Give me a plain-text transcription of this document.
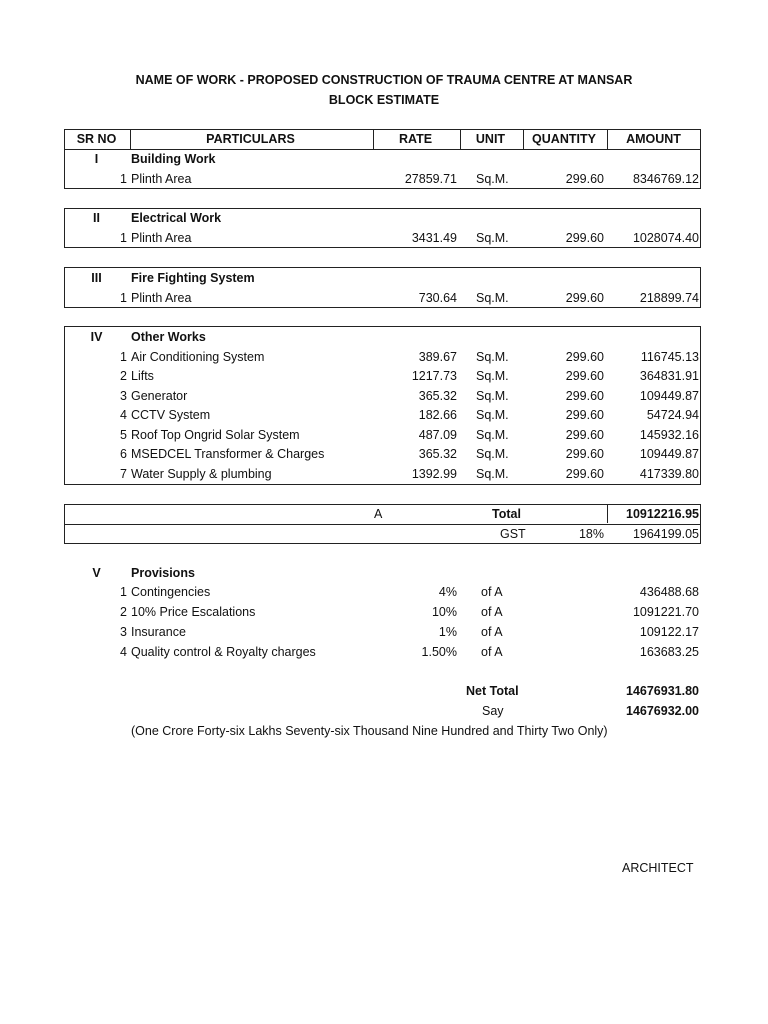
NAME OF WORK - PROPOSED CONSTRUCTION OF TRAUMA CENTRE AT MANSAR
BLOCK ESTIMATE
SR NO	PARTICULARS	RATE	UNIT	QUANTITY	AMOUNT
I	Building Work
1 Plinth Area	27859.71 Sq.M.	299.60	8346769.12
II	Electrical Work
1 Plinth Area	3431.49 Sq.M.	299.60	1028074.40
III	Fire Fighting System
1 Plinth Area	730.64 Sq.M.	299.60	218899.74
IV	Other Works
1 Air Conditioning System	389.67 Sq.M.	299.60	116745.13
2 Lifts	1217.73 Sq.M.	299.60	364831.91
3 Generator	365.32 Sq.M.	299.60	109449.87
4 CCTV System	182.66 Sq.M.	299.60	54724.94
5 Roof Top Ongrid Solar System	487.09 Sq.M.	299.60	145932.16
6 MSEDCEL Transformer & Charges	365.32 Sq.M.	299.60	109449.87
7 Water Supply & plumbing	1392.99 Sq.M.	299.60	417339.80
A	Total	10912216.95
GST	18%	1964199.05
V	Provisions
1 Contingencies	4% of A	436488.68
2 10% Price Escalations	10% of A	1091221.70
3 Insurance	1% of A	109122.17
4 Quality control & Royalty charges	1.50% of A	163683.25
Net Total	14676931.80
Say	14676932.00
(One Crore Forty-six Lakhs Seventy-six Thousand Nine Hundred and Thirty Two Only)
ARCHITECT
